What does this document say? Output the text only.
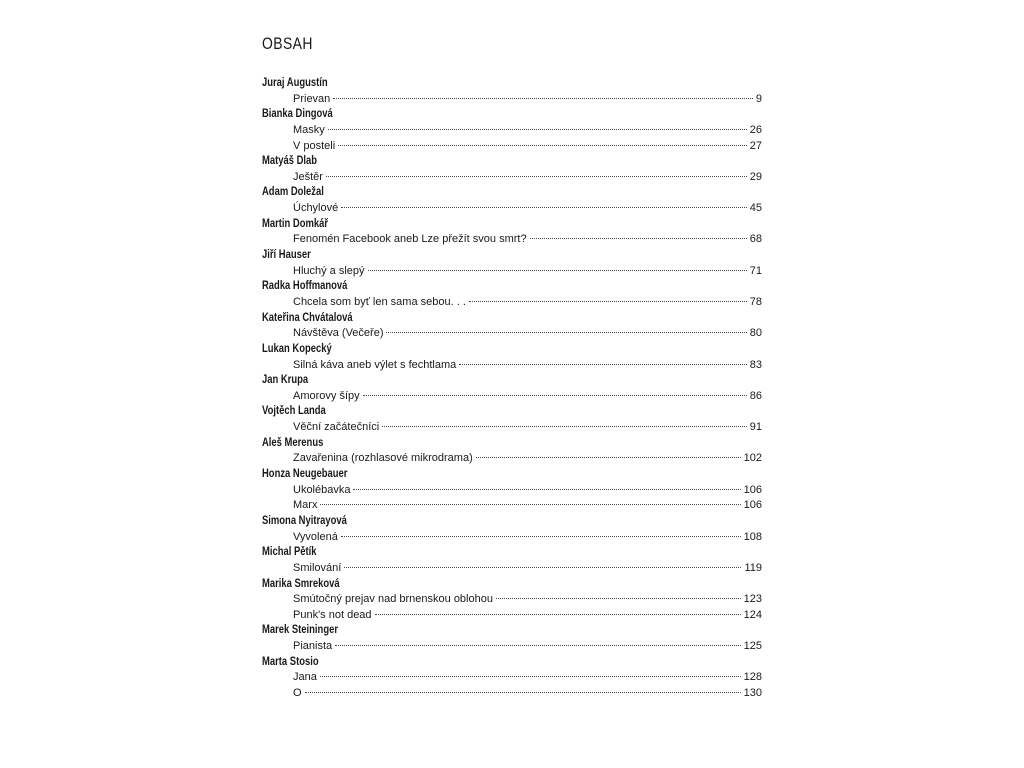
OBSAH
Juraj Augustín
Prievan	9
Bianka Dingová
Masky	26
V posteli	27
Matyáš Dlab
Ještěr	29
Adam Doležal
Úchylové	45
Martin Domkář
Fenomén Facebook aneb Lze přežít svou smrt?	68
Jiří Hauser
Hluchý a slepý	71
Radka Hoffmanová
Chcela som byť len sama sebou. . .	78
Kateřina Chvátalová
Návštěva (Večeře)	80
Lukan Kopecký
Silná káva aneb výlet s fechtlama	83
Jan Krupa
Amorovy šípy	86
Vojtěch Landa
Věční začátečníci	91
Aleš Merenus
Zavařenina (rozhlasové mikrodrama)	102
Honza Neugebauer
Ukolébavka	106
Marx	106
Simona Nyitrayová
Vyvolená	108
Michal Pětík
Smilování	119
Marika Smreková
Smútočný prejav nad brnenskou oblohou	123
Punk's not dead	124
Marek Steininger
Pianista	125
Marta Stosio
Jana	128
O	130
